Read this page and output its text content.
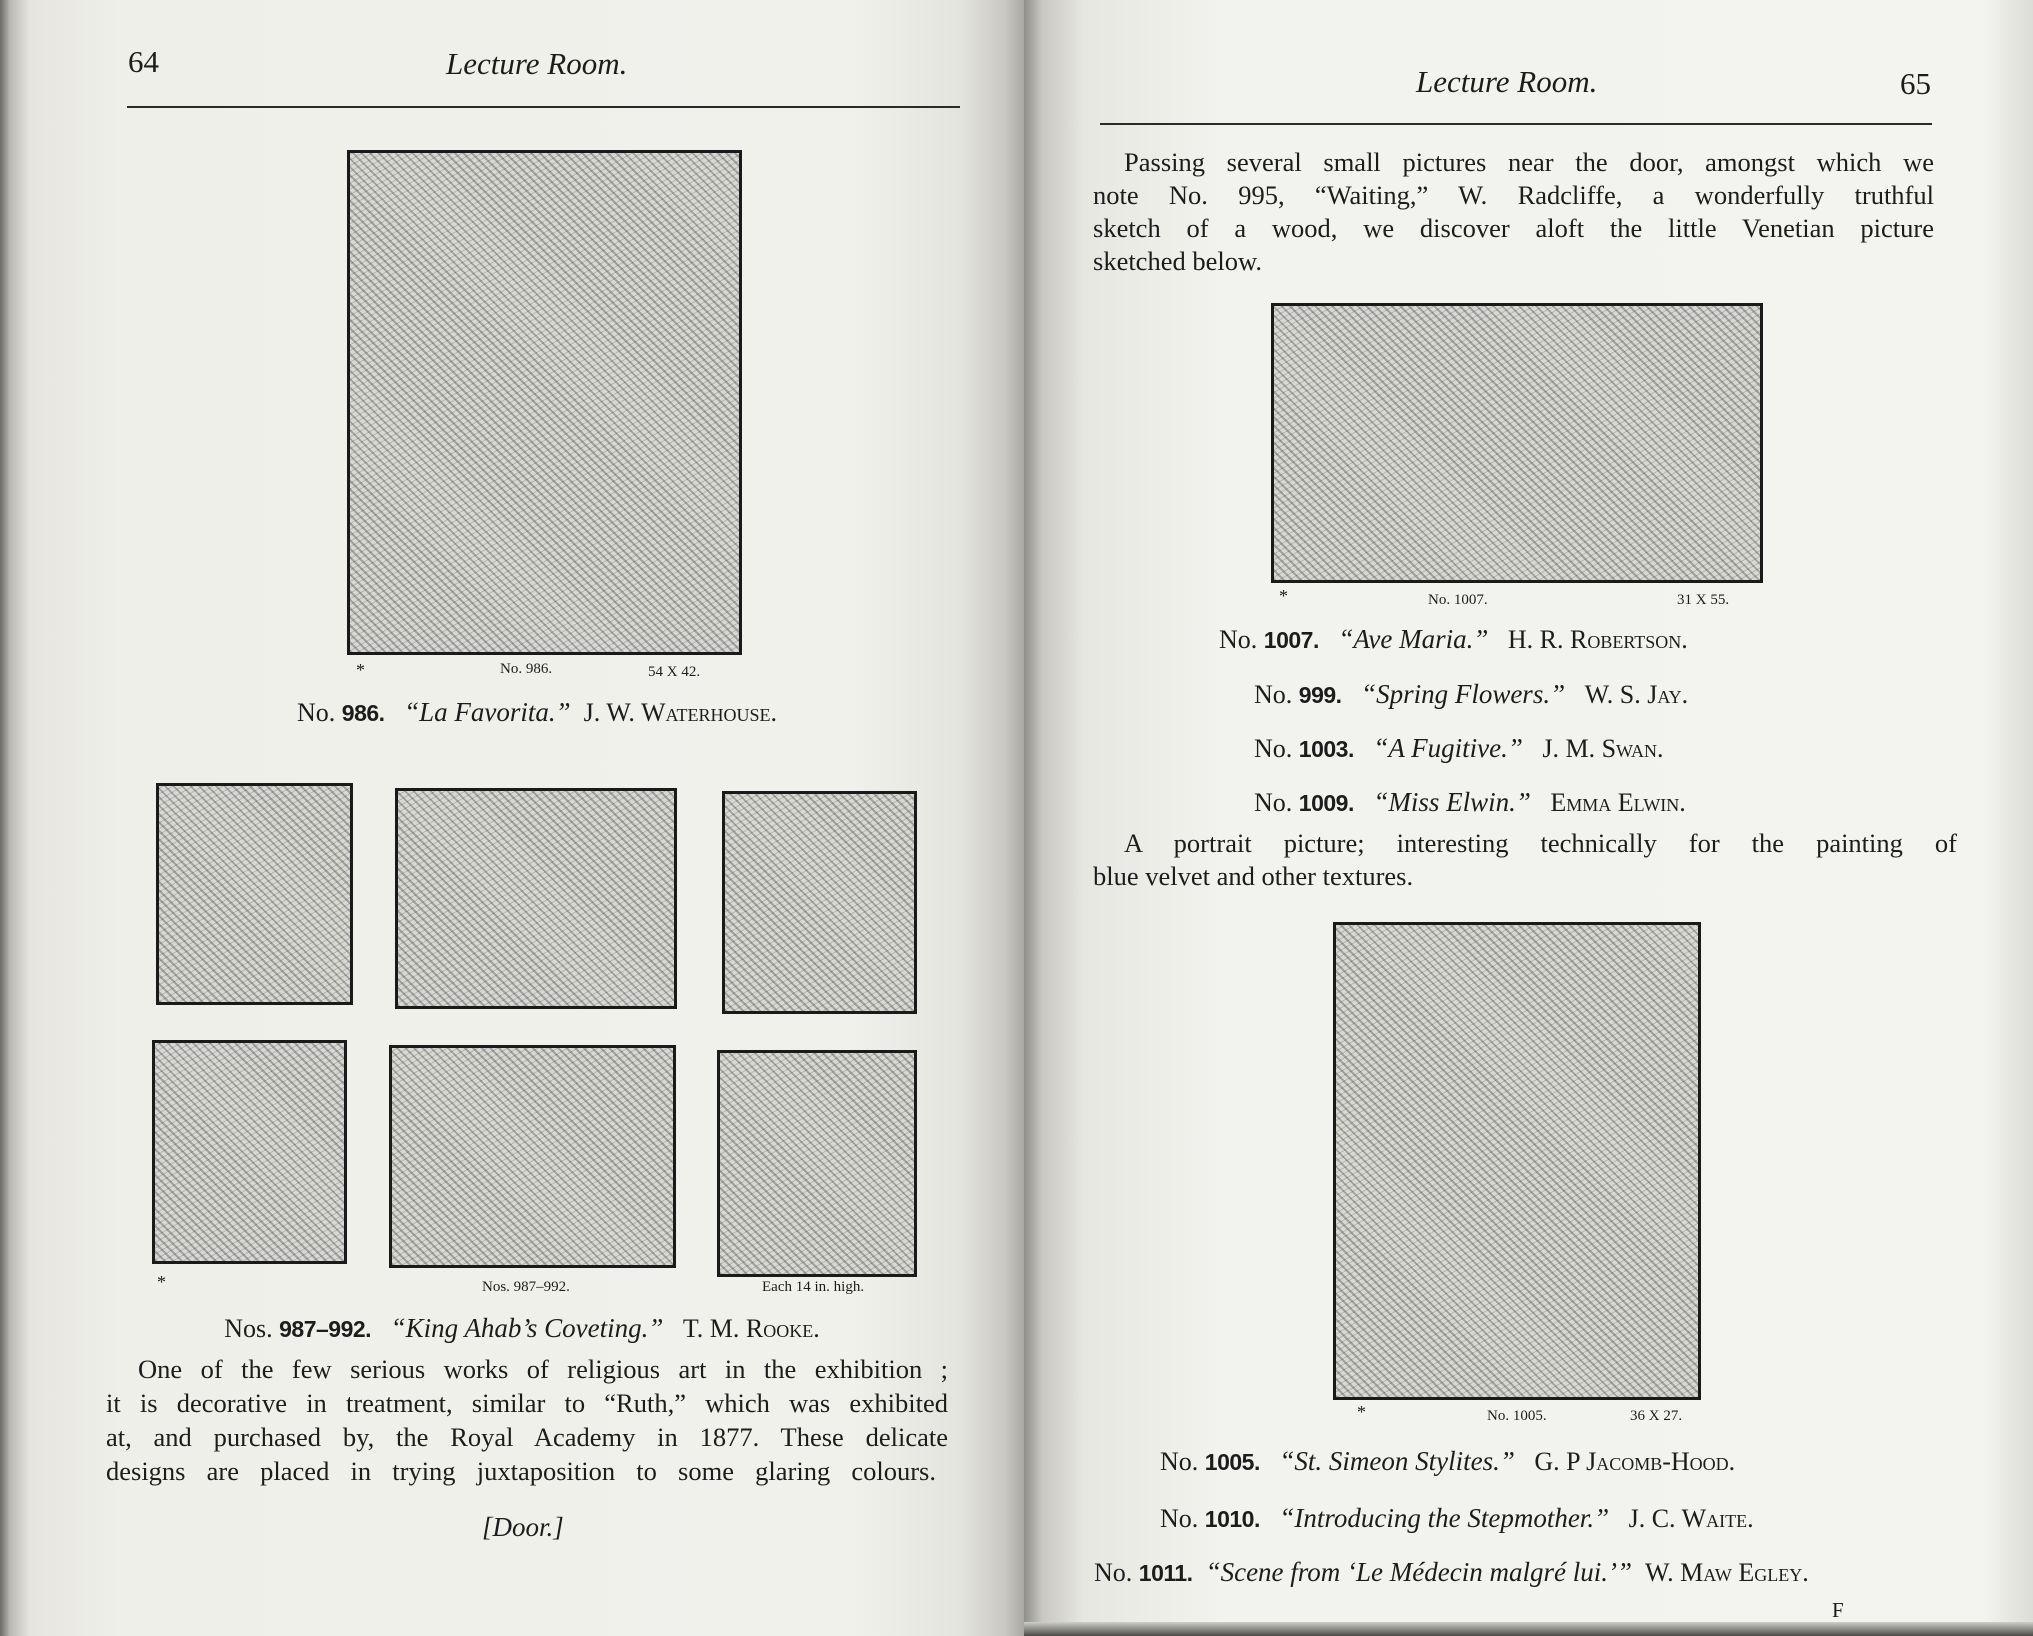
64	Lecture Room.
*	No. 986.	54 X 42.
No. 986. “La Favorita.” J. W. Waterhouse.
*	Nos. 987–992.	Each 14 in. high.
Nos. 987–992. “King Ahab’s Coveting.” T. M. Rooke.
One of the few serious works of religious art in the exhibition ;
it is decorative in treatment, similar to “Ruth,” which was exhibited
at, and purchased by, the Royal Academy in 1877. These delicate
designs are placed in trying juxtaposition to some glaring colours.
[Door.]
Lecture Room.	65
Passing several small pictures near the door, amongst which we
note No. 995, “Waiting,” W. Radcliffe, a wonderfully truthful
sketch of a wood, we discover aloft the little Venetian picture
sketched below.
*	No. 1007.	31 X 55.
No. 1007. “Ave Maria.” H. R. Robertson.
No. 999. “Spring Flowers.” W. S. Jay.
No. 1003. “A Fugitive.” J. M. Swan.
No. 1009. “Miss Elwin.” Emma Elwin.
A portrait picture; interesting technically for the painting of
blue velvet and other textures.
*	No. 1005.	36 X 27.
No. 1005. “St. Simeon Stylites.” G. P Jacomb-Hood.
No. 1010. “Introducing the Stepmother.” J. C. Waite.
No. 1011. “Scene from ‘Le Médecin malgré lui.’” W. Maw Egley.
F
